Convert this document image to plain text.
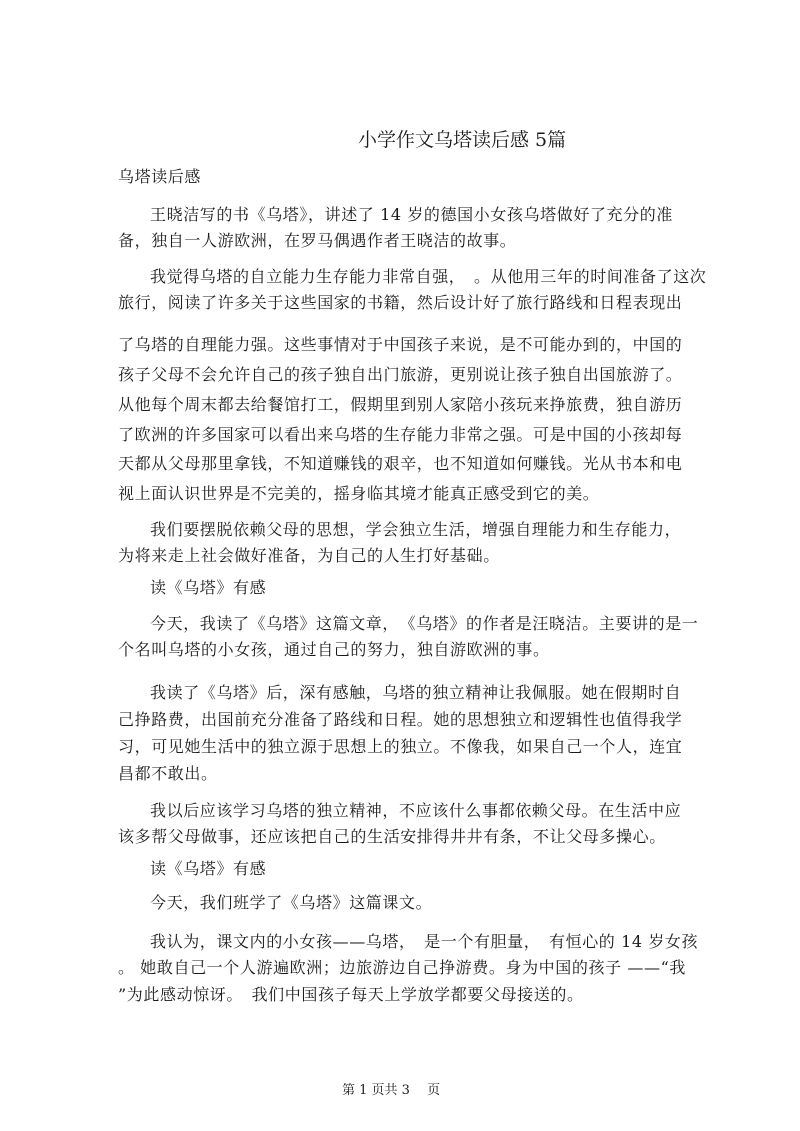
小学作文乌塔读后感 5篇
乌塔读后感
王晓洁写的书《乌塔》，讲述了 14 岁的德国小女孩乌塔做好了充分的准
备，独自一人游欧洲，在罗马偶遇作者王晓洁的故事。
我觉得乌塔的自立能力生存能力非常自强，　。从他用三年的时间准备了这次
旅行，阅读了许多关于这些国家的书籍，然后设计好了旅行路线和日程表现出
了乌塔的自理能力强。这些事情对于中国孩子来说，是不可能办到的，中国的
孩子父母不会允许自己的孩子独自出门旅游，更别说让孩子独自出国旅游了。
从他每个周末都去给餐馆打工，假期里到别人家陪小孩玩来挣旅费，独自游历
了欧洲的许多国家可以看出来乌塔的生存能力非常之强。可是中国的小孩却每
天都从父母那里拿钱，不知道赚钱的艰辛，也不知道如何赚钱。光从书本和电
视上面认识世界是不完美的，摇身临其境才能真正感受到它的美。
我们要摆脱依赖父母的思想，学会独立生活，增强自理能力和生存能力，
为将来走上社会做好准备，为自己的人生打好基础。
读《乌塔》有感
今天，我读了《乌塔》这篇文章，　《乌塔》的作者是汪晓洁。主要讲的是一
个名叫乌塔的小女孩，通过自己的努力，独自游欧洲的事。
我读了《乌塔》后，深有感触，乌塔的独立精神让我佩服。她在假期时自
己挣路费，出国前充分准备了路线和日程。她的思想独立和逻辑性也值得我学
习，可见她生活中的独立源于思想上的独立。不像我，如果自己一个人，连宜
昌都不敢出。
我以后应该学习乌塔的独立精神，不应该什么事都依赖父母。在生活中应
该多帮父母做事，还应该把自己的生活安排得井井有条，不让父母多操心。
读《乌塔》有感
今天，我们班学了《乌塔》这篇课文。
我认为，课文内的小女孩——乌塔，　是一个有胆量，　有恒心的 14 岁女孩
。 她敢自己一个人游遍欧洲；边旅游边自己挣游费。身为中国的孩子 ——“我
”为此感动惊讶。　我们中国孩子每天上学放学都要父母接送的。
第 1 页共 3　 页
